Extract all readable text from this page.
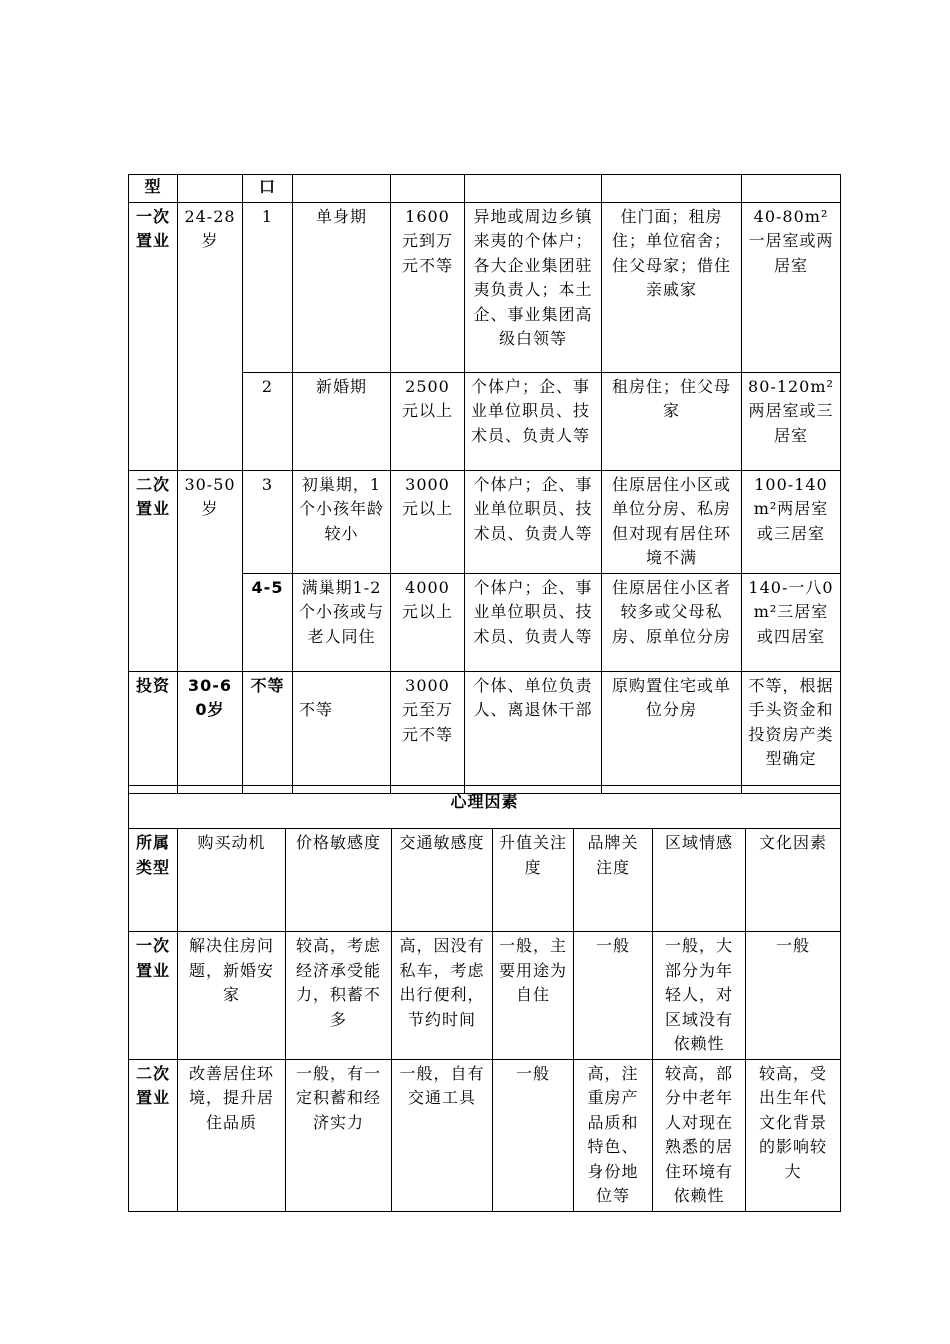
型		口					
一次置业	24-28岁	1	单身期	1600元到万元不等	异地或周边乡镇来夷的个体户；各大企业集团驻夷负责人；本土企、事业集团高级白领等	住门面；租房住；单位宿舍；住父母家；借住亲戚家	40-80m²一居室或两居室
		2	新婚期	2500元以上	个体户；企、事业单位职员、技术员、负责人等	租房住；住父母家	80-120m²两居室或三居室
二次置业	30-50岁	3	初巢期，1个小孩年龄较小	3000元以上	个体户；企、事业单位职员、技术员、负责人等	住原居住小区或单位分房、私房但对现有居住环境不满	100-140m²两居室或三居室
		4-5	满巢期1-2个小孩或与老人同住	4000元以上	个体户；企、事业单位职员、技术员、负责人等	住原居住小区者较多或父母私房、原单位分房	140-一八0m²三居室或四居室
投资	30-60岁	不等	不等	3000元至万元不等	个体、单位负责人、离退休干部	原购置住宅或单位分房	不等，根据手头资金和投资房产类型确定
心理因素							
所属类型	购买动机	价格敏感度	交通敏感度	升值关注度	品牌关注度	区域情感	文化因素
一次置业	解决住房问题，新婚安家	较高，考虑经济承受能力，积蓄不多	高，因没有私车，考虑出行便利，节约时间	一般，主要用途为自住	一般	一般，大部分为年轻人，对区域没有依赖性	一般
二次置业	改善居住环境，提升居住品质	一般，有一定积蓄和经济实力	一般，自有交通工具	一般	高，注重房产品质和特色、身份地位等	较高，部分中老年人对现在熟悉的居住环境有依赖性	较高，受出生年代文化背景的影响较大
